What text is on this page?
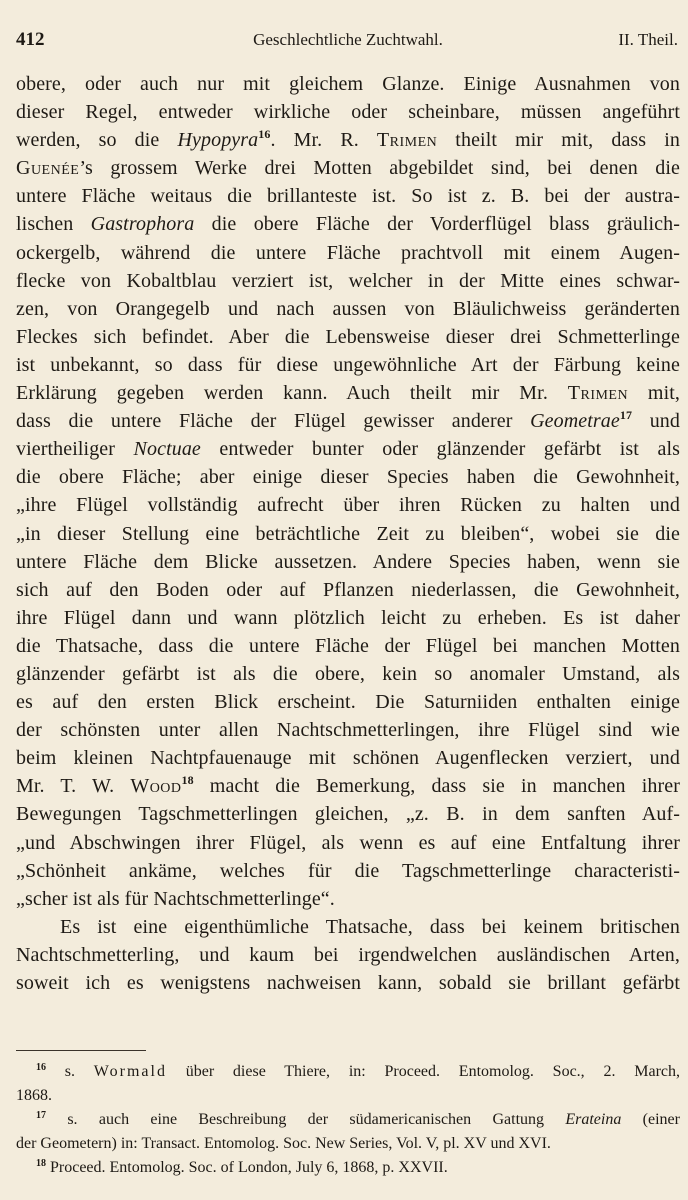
412	Geschlechtliche Zuchtwahl.	II. Theil.

obere, oder auch nur mit gleichem Glanze. Einige Ausnahmen von
dieser Regel, entweder wirkliche oder scheinbare, müssen angeführt
werden, so die Hypopyra$^{16}$. Mr. R. Trimen theilt mir mit, dass in
Guenée’s grossem Werke drei Motten abgebildet sind, bei denen die
untere Fläche weitaus die brillanteste ist. So ist z. B. bei der austra-
lischen Gastrophora die obere Fläche der Vorderflügel blass gräulich-
ockergelb, während die untere Fläche prachtvoll mit einem Augen-
flecke von Kobaltblau verziert ist, welcher in der Mitte eines schwar-
zen, von Orangegelb und nach aussen von Bläulichweiss geränderten
Fleckes sich befindet. Aber die Lebensweise dieser drei Schmetterlinge
ist unbekannt, so dass für diese ungewöhnliche Art der Färbung keine
Erklärung gegeben werden kann. Auch theilt mir Mr. Trimen mit,
dass die untere Fläche der Flügel gewisser anderer Geometrae$^{17}$ und
viertheiliger Noctuae entweder bunter oder glänzender gefärbt ist als
die obere Fläche; aber einige dieser Species haben die Gewohnheit,
„ihre Flügel vollständig aufrecht über ihren Rücken zu halten und
„in dieser Stellung eine beträchtliche Zeit zu bleiben“, wobei sie die
untere Fläche dem Blicke aussetzen. Andere Species haben, wenn sie
sich auf den Boden oder auf Pflanzen niederlassen, die Gewohnheit,
ihre Flügel dann und wann plötzlich leicht zu erheben. Es ist daher
die Thatsache, dass die untere Fläche der Flügel bei manchen Motten
glänzender gefärbt ist als die obere, kein so anomaler Umstand, als
es auf den ersten Blick erscheint. Die Saturniiden enthalten einige
der schönsten unter allen Nachtschmetterlingen, ihre Flügel sind wie
beim kleinen Nachtpfauenauge mit schönen Augenflecken verziert, und
Mr. T. W. Wood$^{18}$ macht die Bemerkung, dass sie in manchen ihrer
Bewegungen Tagschmetterlingen gleichen, „z. B. in dem sanften Auf-
„und Abschwingen ihrer Flügel, als wenn es auf eine Entfaltung ihrer
„Schönheit ankäme, welches für die Tagschmetterlinge characteristi-
„scher ist als für Nachtschmetterlinge“.

Es ist eine eigenthümliche Thatsache, dass bei keinem britischen
Nachtschmetterling, und kaum bei irgendwelchen ausländischen Arten,
soweit ich es wenigstens nachweisen kann, sobald sie brillant gefärbt

$^{16}$ s. Wormald über diese Thiere, in: Proceed. Entomolog. Soc., 2. March,
1868.
$^{17}$ s. auch eine Beschreibung der südamericanischen Gattung Erateina (einer
der Geometern) in: Transact. Entomolog. Soc. New Series, Vol. V, pl. XV und XVI.
$^{18}$ Proceed. Entomolog. Soc. of London, July 6, 1868, p. XXVII.
